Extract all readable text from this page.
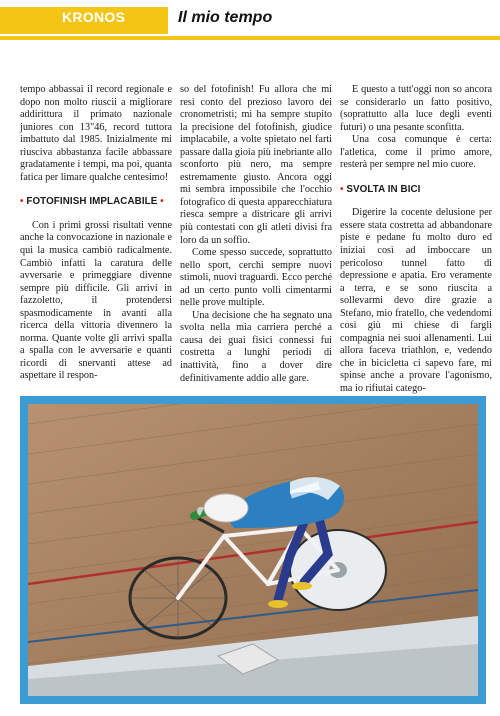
KRONOS	Il mio tempo

tempo abbassai il record regionale e dopo non molto riuscii a migliorare addirittura il primato nazionale juniores con 13"46, record tuttora imbattuto dal 1985. Inizialmente mi riusciva abbastanza facile abbassare gradatamente i tempi, ma poi, quanta fatica per limare qualche centesimo!

• FOTOFINISH IMPLACABILE •

Con i primi grossi risultati venne anche la convocazione in nazionale e qui la musica cambiò radicalmente. Cambiò infatti la caratura delle avversarie e primeggiare divenne sempre più difficile. Gli arrivi in fazzoletto, il protendersi spasmodicamente in avanti alla ricerca della vittoria divennero la norma. Quante volte gli arrivi spalla a spalla con le avversarie e quanti ricordi di snervanti attese ad aspettare il respon-

so del fotofinish! Fu allora che mi resi conto del prezioso lavoro dei cronometristi; mi ha sempre stupito la precisione del fotofinish, giudice implacabile, a volte spietato nel farti passare dalla gioia più inebriante allo sconforto più nero, ma sempre estremamente giusto. Ancora oggi mi sembra impossibile che l'occhio fotografico di questa apparecchiatura riesca sempre a districare gli arrivi più contestati con gli atleti divisi fra loro da un soffio.

Come spesso succede, soprattutto nello sport, cerchi sempre nuovi stimoli, nuovi traguardi. Ecco perché ad un certo punto volli cimentarmi nelle prove multiple.

Una decisione che ha segnato una svolta nella mia carriera perché a causa dei guai fisici connessi fui costretta a lunghi periodi di inattività, fino a dover dire definitivamente addio alle gare.

E questo a tutt'oggi non so ancora se considerarlo un fatto positivo, (soprattutto alla luce degli eventi futuri) o una pesante sconfitta.

Una cosa comunque è certa: l'atletica, come il primo amore, resterà per sempre nel mio cuore.

• SVOLTA IN BICI

Digerire la cocente delusione per essere stata costretta ad abbandonare piste e pedane fu molto duro ed iniziai così ad imboccare un pericoloso tunnel fatto di depressione e apatia. Ero veramente a terra, e se sono riuscita a sollevarmi devo dire grazie a Stefano, mio fratello, che vedendomi così giù mi chiese di fargli compagnia nei suoi allenamenti. Lui allora faceva triathlon, e, vedendo che in bicicletta ci sapevo fare, mi spinse anche a provare l'agonismo, ma io rifiutai catego-
